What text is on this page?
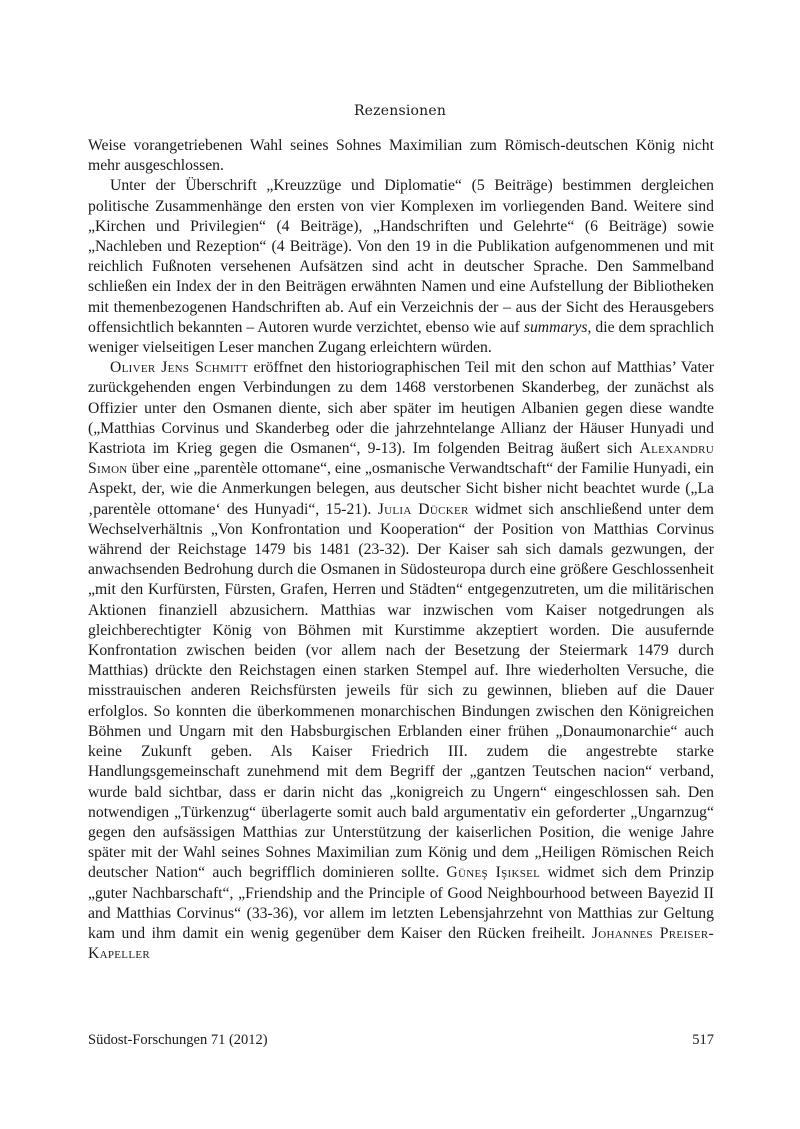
Rezensionen

Weise vorangetriebenen Wahl seines Sohnes Maximilian zum Römisch-deutschen König nicht mehr ausgeschlossen.

Unter der Überschrift „Kreuzzüge und Diplomatie“ (5 Beiträge) bestimmen dergleichen politische Zusammenhänge den ersten von vier Komplexen im vorliegenden Band. Weitere sind „Kirchen und Privilegien“ (4 Beiträge), „Handschriften und Gelehrte“ (6 Beiträge) sowie „Nachleben und Rezeption“ (4 Beiträge). Von den 19 in die Publikation aufgenommenen und mit reichlich Fußnoten versehenen Aufsätzen sind acht in deutscher Sprache. Den Sammelband schließen ein Index der in den Beiträgen erwähnten Namen und eine Aufstellung der Bibliotheken mit themenbezogenen Handschriften ab. Auf ein Verzeichnis der – aus der Sicht des Herausgebers offensichtlich bekannten – Autoren wurde verzichtet, ebenso wie auf summarys, die dem sprachlich weniger vielseitigen Leser manchen Zugang erleichtern würden.

Oliver Jens Schmitt eröffnet den historiographischen Teil mit den schon auf Matthias’ Vater zurückgehenden engen Verbindungen zu dem 1468 verstorbenen Skanderbeg, der zunächst als Offizier unter den Osmanen diente, sich aber später im heutigen Albanien gegen diese wandte („Matthias Corvinus und Skanderbeg oder die jahrzehntelange Allianz der Häuser Hunyadi und Kastriota im Krieg gegen die Osmanen“, 9-13). Im folgenden Beitrag äußert sich Alexandru Simon über eine „parentèle ottomane“, eine „osmanische Verwandtschaft“ der Familie Hunyadi, ein Aspekt, der, wie die Anmerkungen belegen, aus deutscher Sicht bisher nicht beachtet wurde („La ‚parentèle ottomane‘ des Hunyadi“, 15-21). Julia Dücker widmet sich anschließend unter dem Wechselverhältnis „Von Konfrontation und Kooperation“ der Position von Matthias Corvinus während der Reichstage 1479 bis 1481 (23-32). Der Kaiser sah sich damals gezwungen, der anwachsenden Bedrohung durch die Osmanen in Südosteuropa durch eine größere Geschlossenheit „mit den Kurfürsten, Fürsten, Grafen, Herren und Städten“ entgegenzutreten, um die militärischen Aktionen finanziell abzusichern. Matthias war inzwischen vom Kaiser notgedrungen als gleichberechtigter König von Böhmen mit Kurstimme akzeptiert worden. Die ausufernde Konfrontation zwischen beiden (vor allem nach der Besetzung der Steiermark 1479 durch Matthias) drückte den Reichstagen einen starken Stempel auf. Ihre wiederholten Versuche, die misstrauischen anderen Reichsfürsten jeweils für sich zu gewinnen, blieben auf die Dauer erfolglos. So konnten die überkommenen monarchischen Bindungen zwischen den Königreichen Böhmen und Ungarn mit den Habsburgischen Erblanden einer frühen „Donaumonarchie“ auch keine Zukunft geben. Als Kaiser Friedrich III. zudem die angestrebte starke Handlungsgemeinschaft zunehmend mit dem Begriff der „gantzen Teutschen nacion“ verband, wurde bald sichtbar, dass er darin nicht das „konigreich zu Ungern“ eingeschlossen sah. Den notwendigen „Türkenzug“ überlagerte somit auch bald argumentativ ein geforderter „Ungarnzug“ gegen den aufsässigen Matthias zur Unterstützung der kaiserlichen Position, die wenige Jahre später mit der Wahl seines Sohnes Maximilian zum König und dem „Heiligen Römischen Reich deutscher Nation“ auch begrifflich dominieren sollte. Güneş Işıksel widmet sich dem Prinzip „guter Nachbarschaft“, „Friendship and the Principle of Good Neighbourhood between Bayezid II and Matthias Corvinus“ (33-36), vor allem im letzten Lebensjahrzehnt von Matthias zur Geltung kam und ihm damit ein wenig gegenüber dem Kaiser den Rücken freiheilt. Johannes Preiser-Kapeller

Südost-Forschungen 71 (2012)	517
